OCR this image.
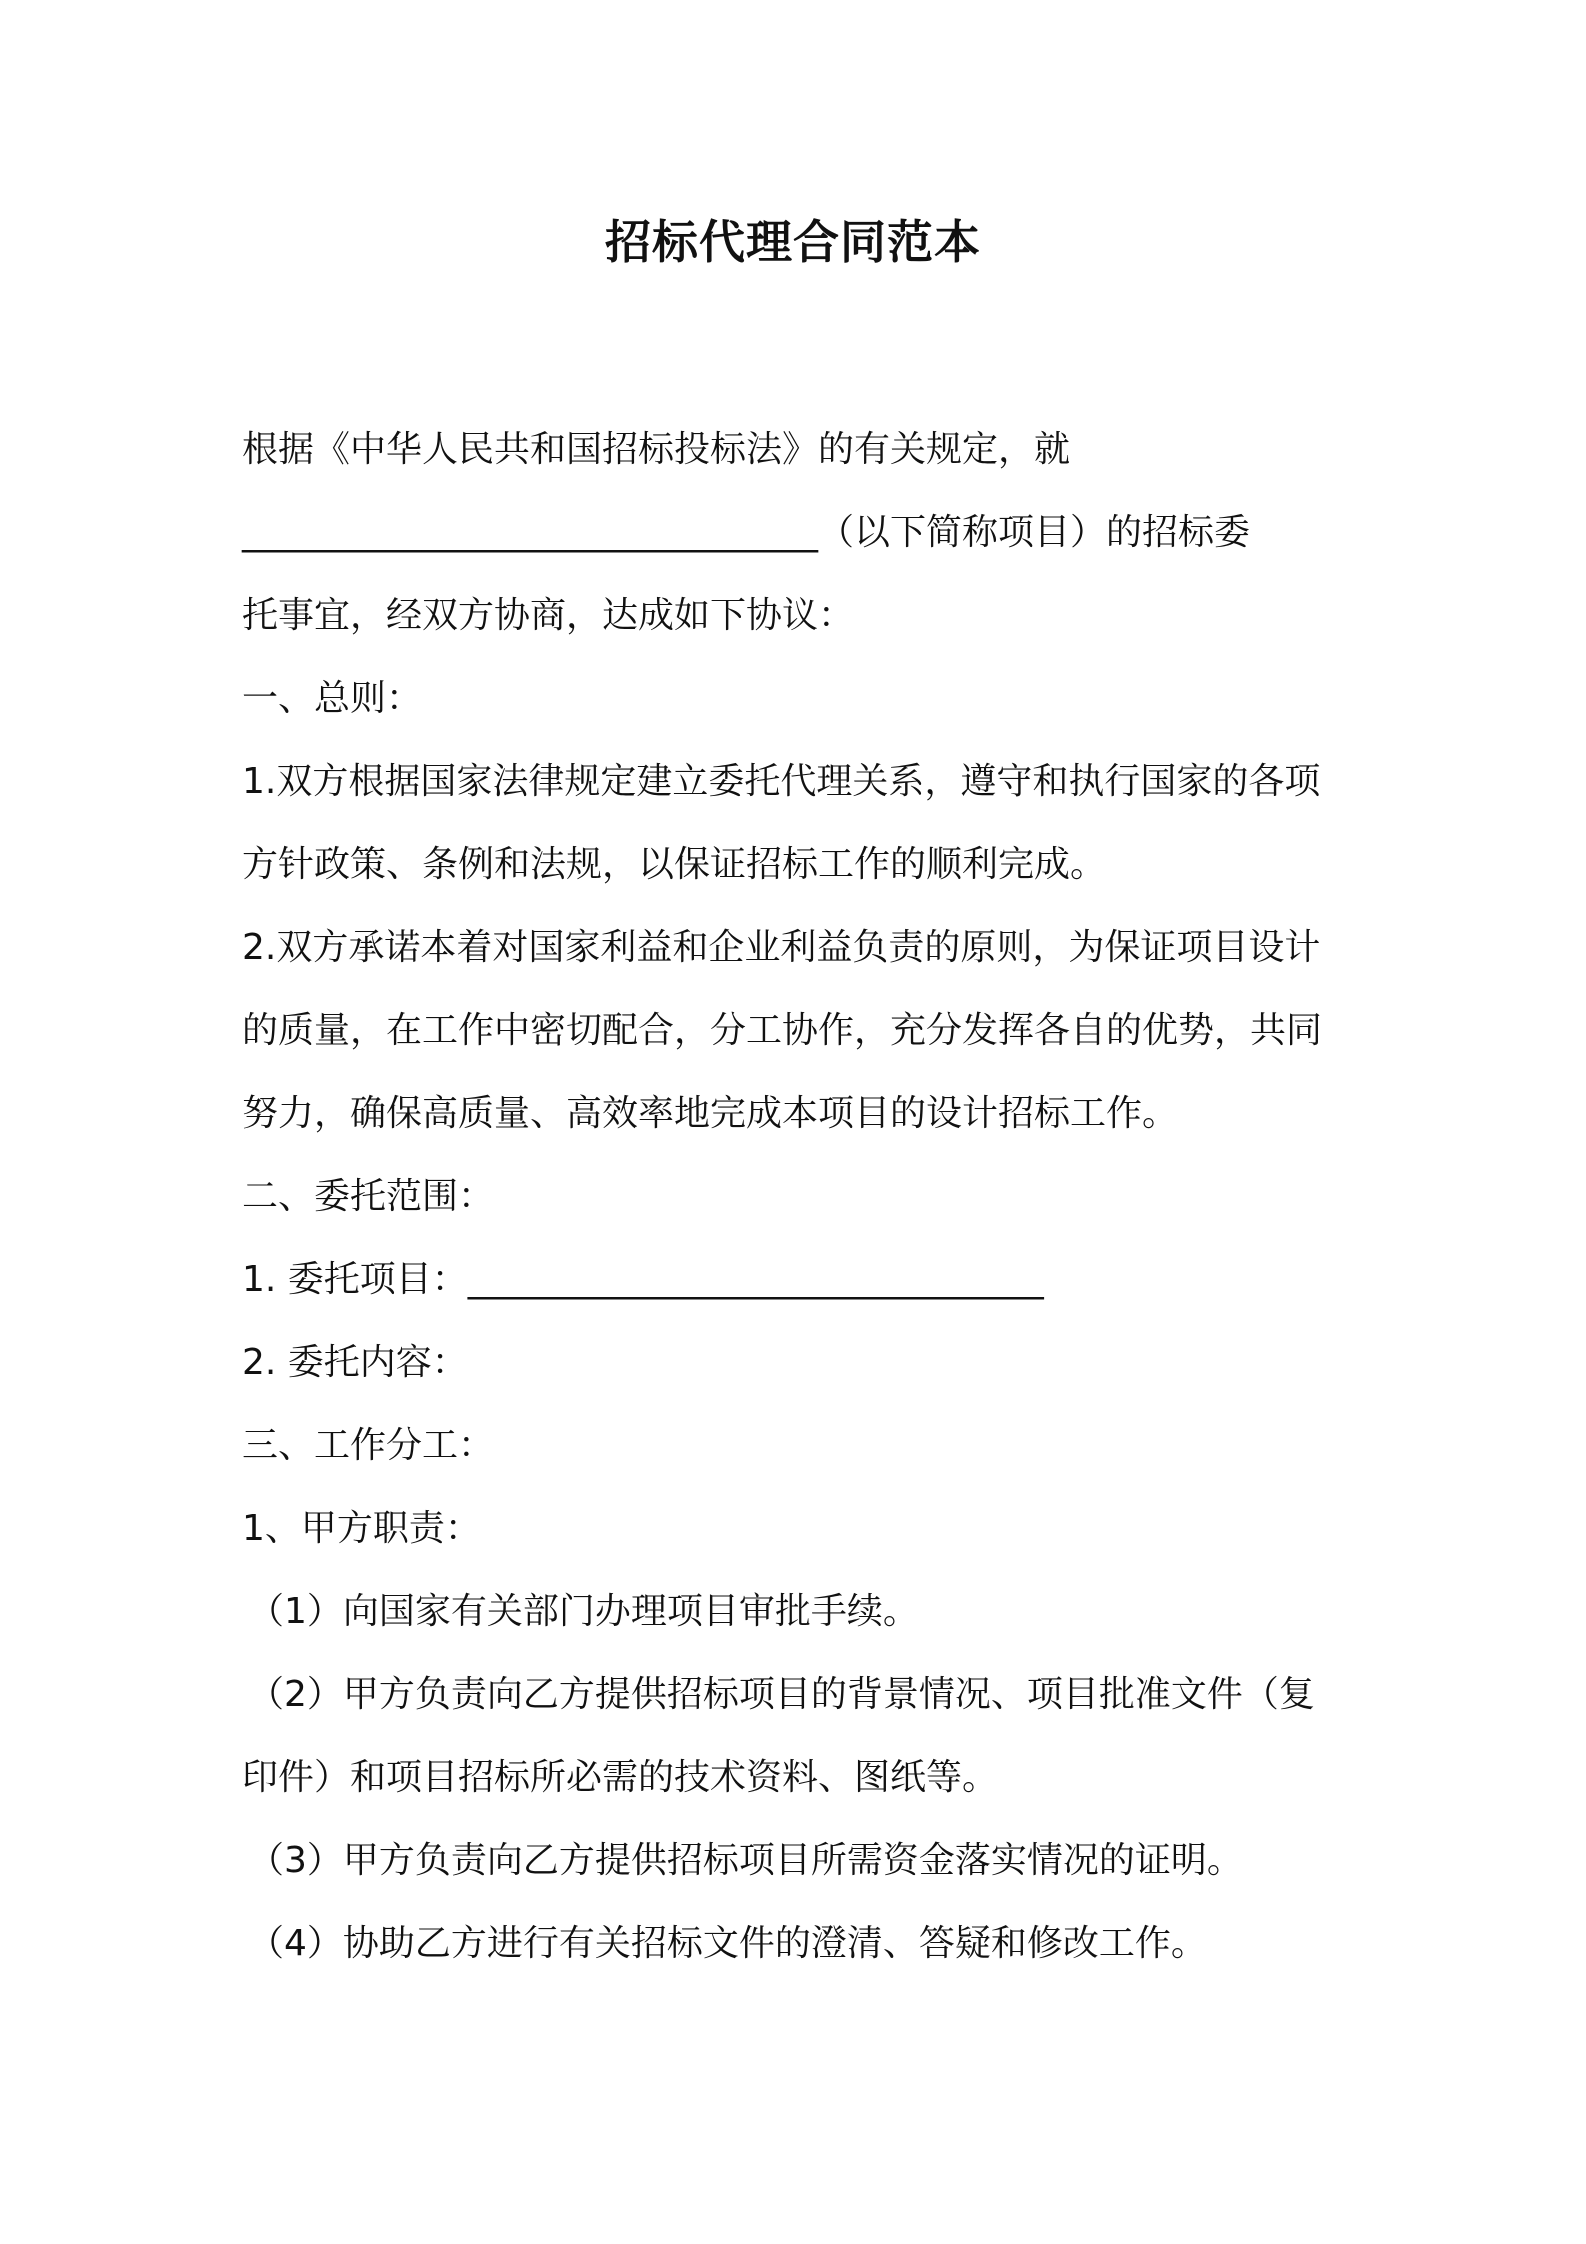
招标代理合同范本
根据《中华人民共和国招标投标法》的有关规定，就
________________________________（以下简称项目）的招标委
托事宜，经双方协商，达成如下协议：
一、总则：
1.双方根据国家法律规定建立委托代理关系，遵守和执行国家的各项
方针政策、条例和法规，以保证招标工作的顺利完成。
2.双方承诺本着对国家利益和企业利益负责的原则，为保证项目设计
的质量，在工作中密切配合，分工协作，充分发挥各自的优势，共同
努力，确保高质量、高效率地完成本项目的设计招标工作。
二、委托范围：
1. 委托项目：________________________________
2. 委托内容：
三、工作分工：
1、甲方职责：
（1）向国家有关部门办理项目审批手续。
（2）甲方负责向乙方提供招标项目的背景情况、项目批准文件（复
印件）和项目招标所必需的技术资料、图纸等。
（3）甲方负责向乙方提供招标项目所需资金落实情况的证明。
（4）协助乙方进行有关招标文件的澄清、答疑和修改工作。
